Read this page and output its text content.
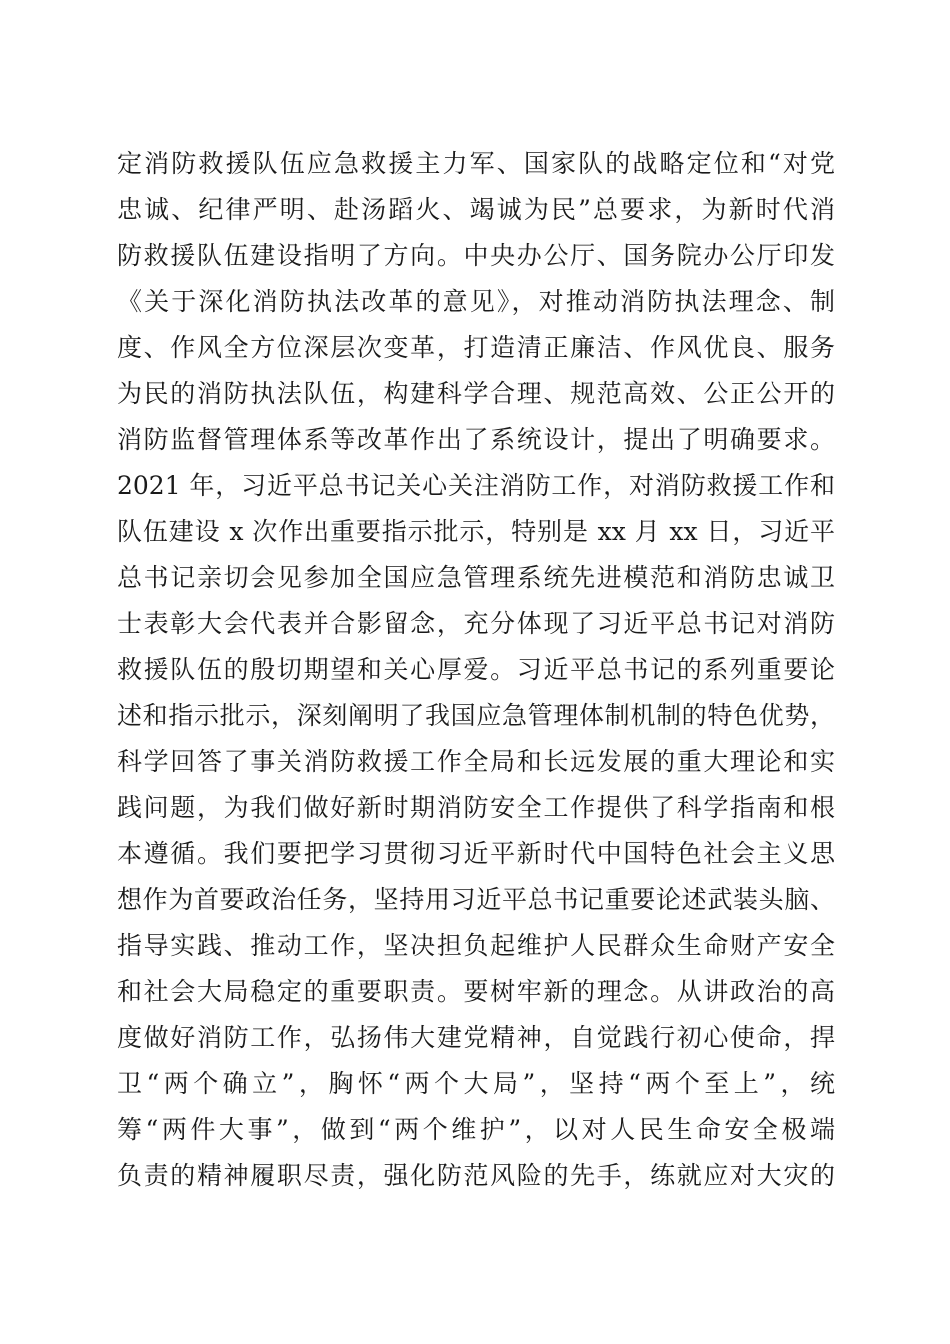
定消防救援队伍应急救援主力军、国家队的战略定位和“对党
忠诚、纪律严明、赴汤蹈火、竭诚为民”总要求，为新时代消
防救援队伍建设指明了方向。中央办公厅、国务院办公厅印发
《关于深化消防执法改革的意见》，对推动消防执法理念、制
度、作风全方位深层次变革，打造清正廉洁、作风优良、服务
为民的消防执法队伍，构建科学合理、规范高效、公正公开的
消防监督管理体系等改革作出了系统设计，提出了明确要求。
2021 年，习近平总书记关心关注消防工作，对消防救援工作和
队伍建设 x 次作出重要指示批示，特别是 xx 月 xx 日，习近平
总书记亲切会见参加全国应急管理系统先进模范和消防忠诚卫
士表彰大会代表并合影留念，充分体现了习近平总书记对消防
救援队伍的殷切期望和关心厚爱。习近平总书记的系列重要论
述和指示批示，深刻阐明了我国应急管理体制机制的特色优势，
科学回答了事关消防救援工作全局和长远发展的重大理论和实
践问题，为我们做好新时期消防安全工作提供了科学指南和根
本遵循。我们要把学习贯彻习近平新时代中国特色社会主义思
想作为首要政治任务，坚持用习近平总书记重要论述武装头脑、
指导实践、推动工作，坚决担负起维护人民群众生命财产安全
和社会大局稳定的重要职责。要树牢新的理念。从讲政治的高
度做好消防工作，弘扬伟大建党精神，自觉践行初心使命，捍
卫“两个确立”，胸怀“两个大局”，坚持“两个至上”，统
筹“两件大事”，做到“两个维护”，以对人民生命安全极端
负责的精神履职尽责，强化防范风险的先手，练就应对大灾的
